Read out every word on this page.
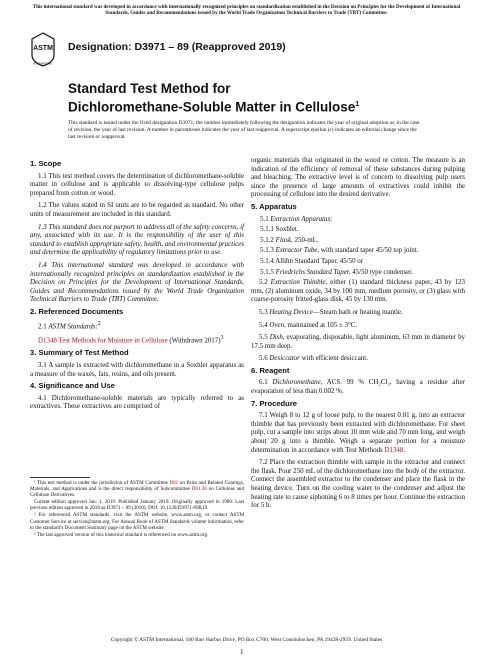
This international standard was developed in accordance with internationally recognized principles on standardization established in the Decision on Principles for the Development of International Standards, Guides and Recommendations issued by the World Trade Organization Technical Barriers to Trade (TBT) Committee.
ASTM
INTERNATIONAL
Designation: D3971 – 89 (Reapproved 2019)
Standard Test Method for
Dichloromethane-Soluble Matter in Cellulose$^1$
This standard is issued under the fixed designation D3971; the number immediately following the designation indicates the year of original adoption or, in the case of revision, the year of last revision. A number in parentheses indicates the year of last reapproval. A superscript epsilon (ε) indicates an editorial change since the last revision or reapproval.
1. Scope

1.1 This test method covers the determination of dichloromethane-soluble matter in cellulose and is applicable to dissolving-type cellulose pulps prepared from cotton or wood.

1.2 The values stated in SI units are to be regarded as standard. No other units of measurement are included in this standard.

1.3 This standard does not purport to address all of the safety concerns, if any, associated with its use. It is the responsibility of the user of this standard to establish appropriate safety, health, and environmental practices and determine the applicability of regulatory limitations prior to use.

1.4 This international standard was developed in accordance with internationally recognized principles on standardization established in the Decision on Principles for the Development of International Standards, Guides and Recommendations issued by the World Trade Organization Technical Barriers to Trade (TBT) Committee.

2. Referenced Documents

2.1 ASTM Standards:$^2$

D1348 Test Methods for Moisture in Cellulose (Withdrawn 2017)$^3$

3. Summary of Test Method

3.1 A sample is extracted with dichloromethane in a Soxhlet apparatus as a measure of the waxes, fats, resins, and oils present.

4. Significance and Use

4.1 Dichloromethane-soluble materials are typically referred to as extractives. These extractives are comprised of

¹ This test method is under the jurisdiction of ASTM Committee D01 on Paint and Related Coatings, Materials, and Applications and is the direct responsibility of Subcommittee D01.36 on Cellulose and Cellulose Derivatives.

Current edition approved Jan. 1, 2019. Published January 2019. Originally approved in 1980. Last previous edition approved in 2010 as D3971 – 89 (2010). DOI: 10.1520/D3971-89R19.

² For referenced ASTM standards, visit the ASTM website, www.astm.org, or contact ASTM Customer Service at service@astm.org. For Annual Book of ASTM Standards volume information, refer to the standard’s Document Summary page on the ASTM website.

³ The last approved version of this historical standard is referenced on www.astm.org.

organic materials that originated in the wood or cotton. The measure is an indication of the efficiency of removal of these substances during pulping and bleaching. The extractive level is of concern to dissolving pulp users since the presence of large amounts of extractives could inhibit the processing of cellulose into the desired derivative.

5. Apparatus

5.1 Extraction Apparatus:

5.1.1 Soxhlet.

5.1.2 Flask, 250-mL.

5.1.3 Extractor Tube, with standard taper 45/50 top joint.

5.1.4 Allihn Standard Taper. 45/50 or

5.1.5 Friedrichs Standard Taper, 45/50 type condenser.

5.2 Extraction Thimble, either (1) standard thickness paper, 43 by 123 mm, (2) aluminum oxide, 34 by 100 mm, medium porosity, or (3) glass with coarse-porosity fritted-glass disk, 45 by 130 mm.

5.3 Heating Device—Steam bath or heating mantle.

5.4 Oven, maintained at 105 ± 3°C.

5.5 Dish, evaporating, disposable, light aluminum, 63 mm in diameter by 17.5 mm deep.

5.6 Desiccator with efficient desiccant.

6. Reagent

6.1 Dichloromethane, ACS. 99 % CH₂Cl₂, having a residue after evaporation of less than 0.002 %.

7. Procedure

7.1 Weigh 8 to 12 g of loose pulp, to the nearest 0.01 g, into an extractor thimble that has previously been extracted with dichloromethane. For sheet pulp, cut a sample into strips about 10 mm wide and 70 mm long, and weigh about 20 g into a thimble. Weigh a separate portion for a moisture determination in accordance with Test Methods D1348.

7.2 Place the extraction thimble with sample in the extractor and connect the flask. Pour 250 mL of the dichloromethane into the body of the extractor. Connect the assembled extractor to the condenser and place the flask in the heating device. Turn on the cooling water to the condenser and adjust the heating rate to cause siphoning 6 to 8 times per hour. Continue the extraction for 5 h.

Copyright © ASTM International, 100 Barr Harbor Drive, PO Box C700, West Conshohocken, PA 19428-2959. United States
1
